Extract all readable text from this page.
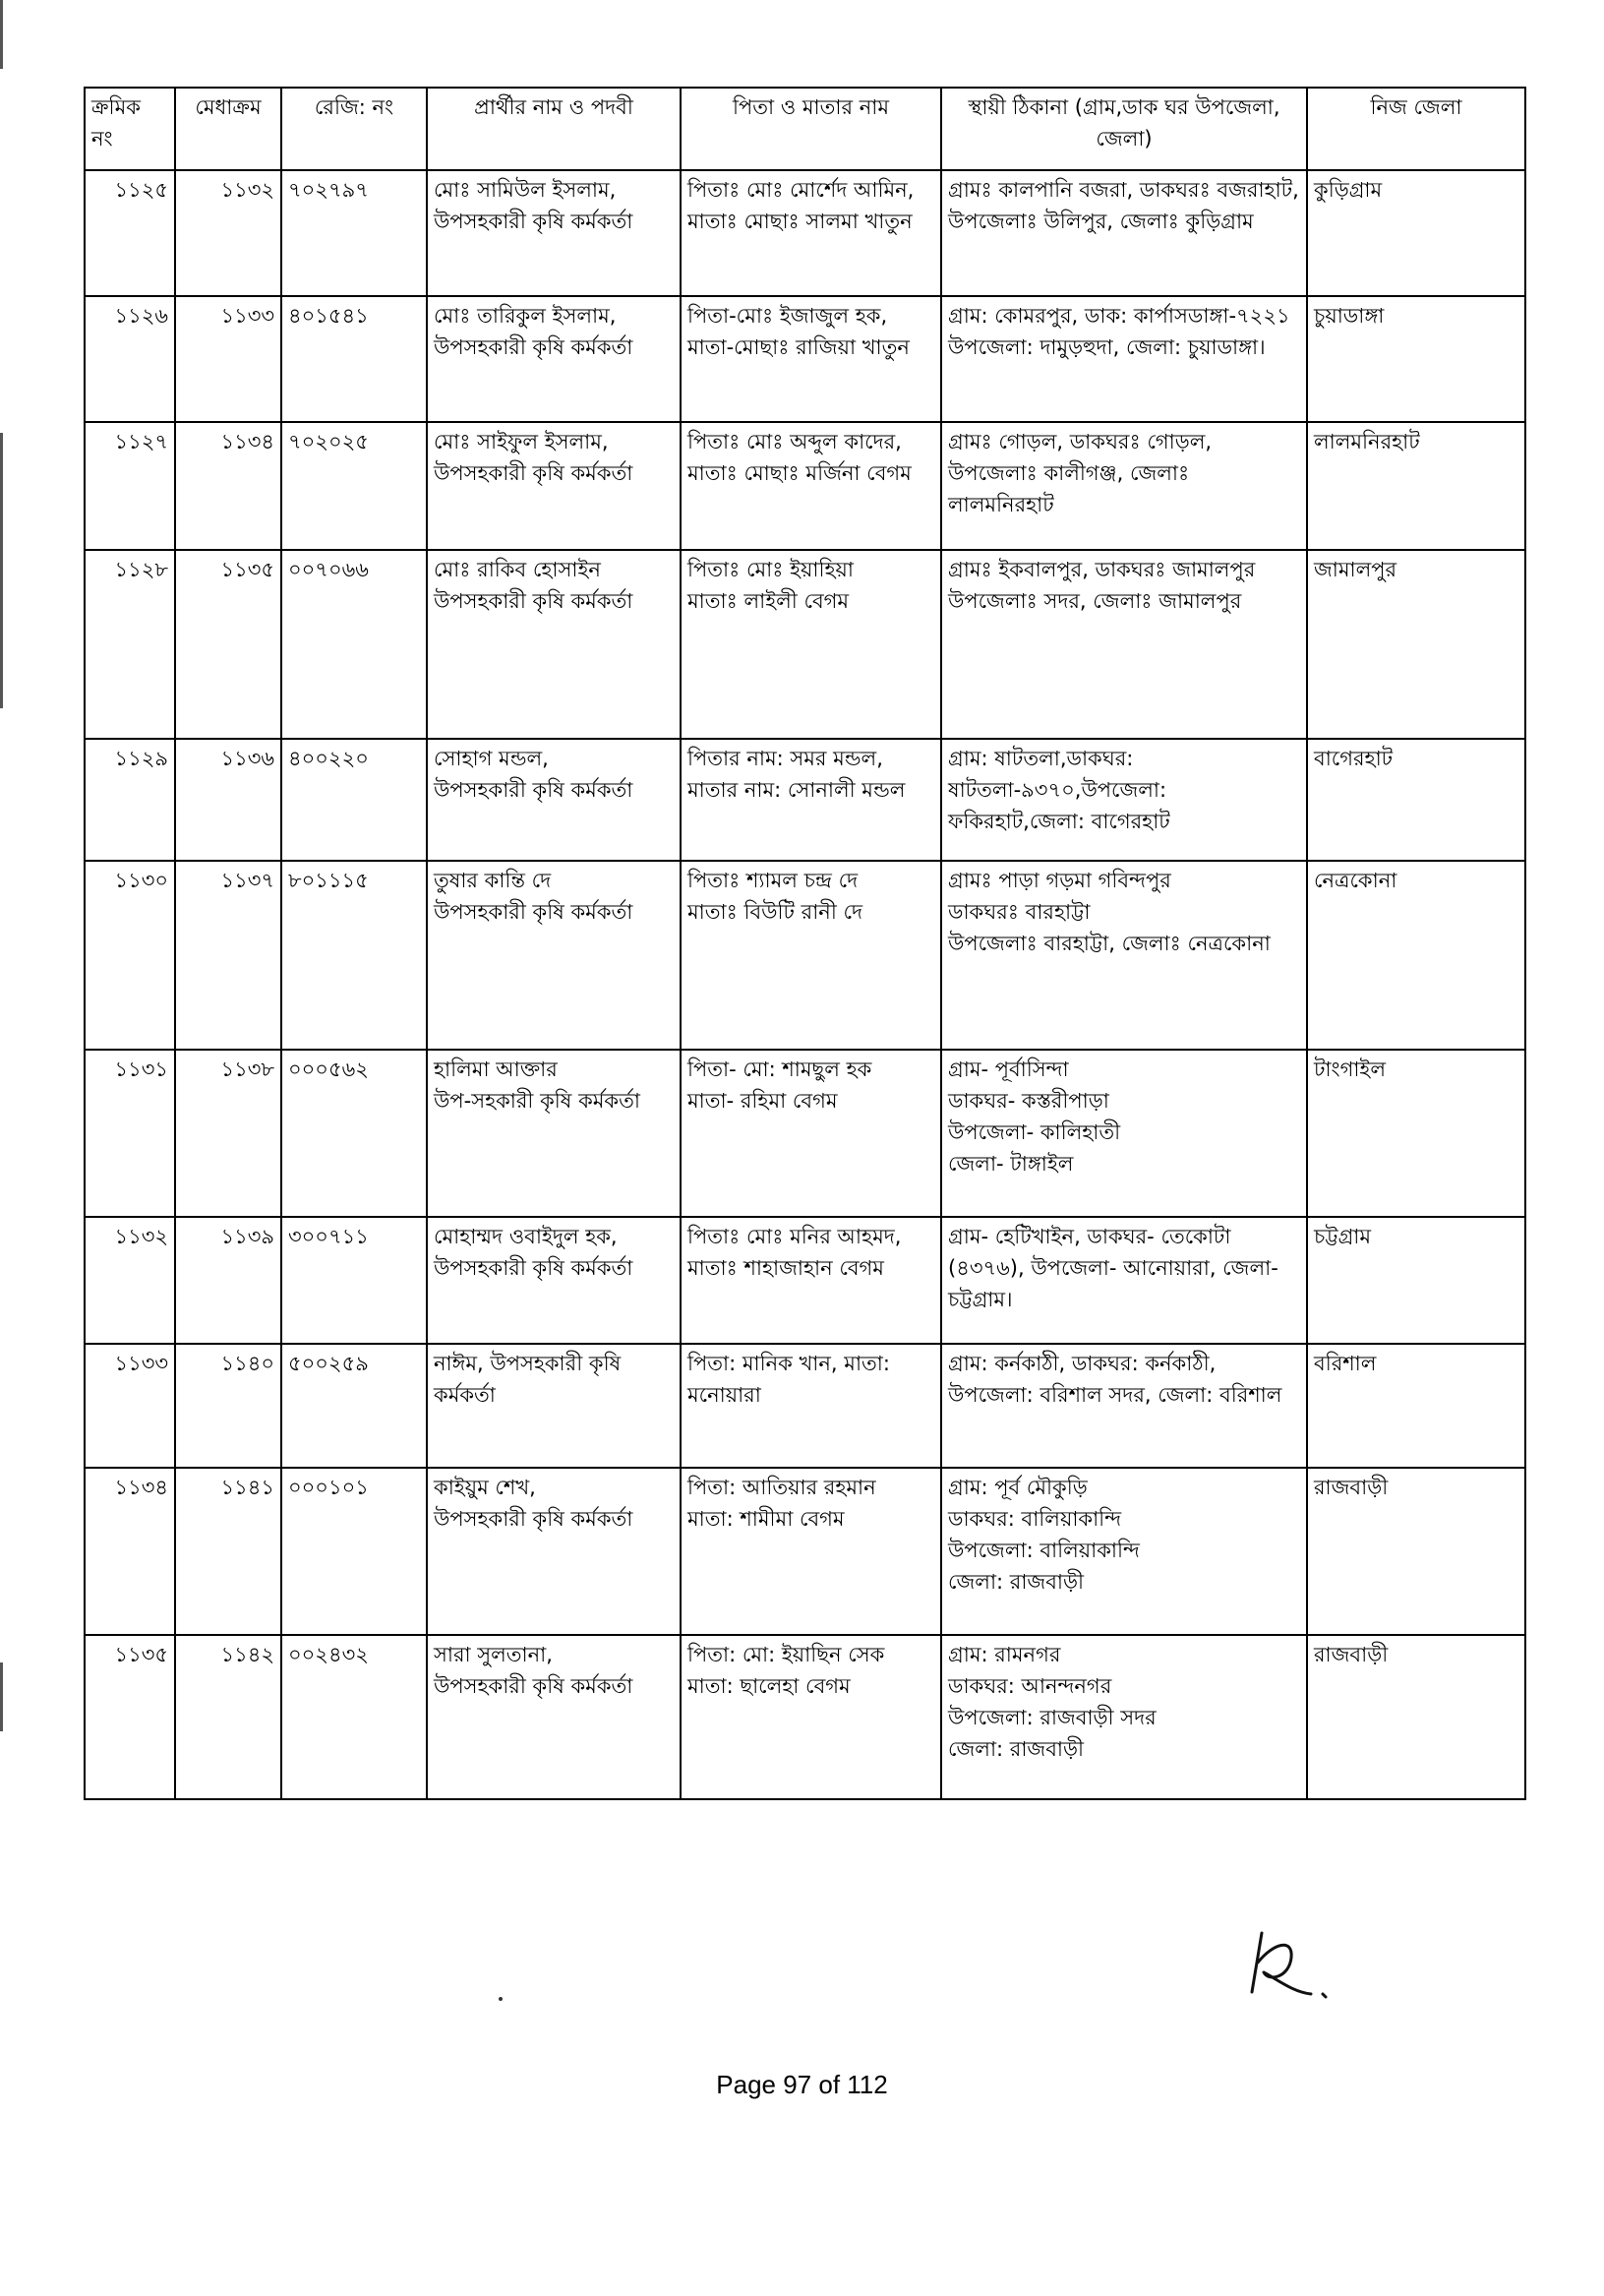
ক্রমিক নং	মেধাক্রম	রেজি: নং	প্রার্থীর নাম ও পদবী	পিতা ও মাতার নাম	স্থায়ী ঠিকানা (গ্রাম,ডাক ঘর উপজেলা, জেলা)	নিজ জেলা
১১২৫	১১৩২	৭০২৭৯৭	মোঃ সামিউল ইসলাম,
উপসহকারী কৃষি কর্মকর্তা	পিতাঃ মোঃ মোর্শেদ আমিন, মাতাঃ মোছাঃ সালমা খাতুন	গ্রামঃ কালপানি বজরা, ডাকঘরঃ বজরাহাট, উপজেলাঃ উলিপুর, জেলাঃ কুড়িগ্রাম	কুড়িগ্রাম
১১২৬	১১৩৩	৪০১৫৪১	মোঃ তারিকুল ইসলাম,
উপসহকারী কৃষি কর্মকর্তা	পিতা-মোঃ ইজাজুল হক,
মাতা-মোছাঃ রাজিয়া খাতুন	গ্রাম: কোমরপুর, ডাক: কার্পাসডাঙ্গা-৭২২১ উপজেলা: দামুড়হুদা, জেলা: চুয়াডাঙ্গা।	চুয়াডাঙ্গা
১১২৭	১১৩৪	৭০২০২৫	মোঃ সাইফুল ইসলাম,
উপসহকারী কৃষি কর্মকর্তা	পিতাঃ মোঃ অব্দুল কাদের, মাতাঃ মোছাঃ মর্জিনা বেগম	গ্রামঃ গোড়ল, ডাকঘরঃ গোড়ল,
উপজেলাঃ কালীগঞ্জ, জেলাঃ
লালমনিরহাট	লালমনিরহাট
১১২৮	১১৩৫	০০৭০৬৬	মোঃ রাকিব হোসাইন
উপসহকারী কৃষি কর্মকর্তা	পিতাঃ মোঃ ইয়াহিয়া
মাতাঃ লাইলী বেগম	গ্রামঃ ইকবালপুর, ডাকঘরঃ জামালপুর
উপজেলাঃ সদর, জেলাঃ জামালপুর	জামালপুর
১১২৯	১১৩৬	৪০০২২০	সোহাগ মন্ডল,
উপসহকারী কৃষি কর্মকর্তা	পিতার নাম: সমর মন্ডল,
মাতার নাম: সোনালী মন্ডল	গ্রাম: ষাটতলা,ডাকঘর: ষাটতলা-৯৩৭০,উপজেলা: ফকিরহাট,জেলা: বাগেরহাট	বাগেরহাট
১১৩০	১১৩৭	৮০১১১৫	তুষার কান্তি দে
উপসহকারী কৃষি কর্মকর্তা	পিতাঃ শ্যামল চন্দ্র দে
মাতাঃ বিউটি রানী দে	গ্রামঃ পাড়া গড়মা গবিন্দপুর
ডাকঘরঃ বারহাট্টা
উপজেলাঃ বারহাট্টা, জেলাঃ নেত্রকোনা	নেত্রকোনা
১১৩১	১১৩৮	০০০৫৬২	হালিমা আক্তার
উপ-সহকারী কৃষি কর্মকর্তা	পিতা- মো: শামছুল হক
মাতা- রহিমা বেগম	গ্রাম- পূর্বাসিন্দা
ডাকঘর- কস্তরীপাড়া
উপজেলা- কালিহাতী
জেলা- টাঙ্গাইল	টাংগাইল
১১৩২	১১৩৯	৩০০৭১১	মোহাম্মদ ওবাইদুল হক,
উপসহকারী কৃষি কর্মকর্তা	পিতাঃ মোঃ মনির আহমদ, মাতাঃ শাহাজাহান বেগম	গ্রাম- হেটিখাইন, ডাকঘর- তেকোটা (৪৩৭৬), উপজেলা- আনোয়ারা, জেলা- চট্টগ্রাম।	চট্টগ্রাম
১১৩৩	১১৪০	৫০০২৫৯	নাঈম, উপসহকারী কৃষি কর্মকর্তা	পিতা: মানিক খান, মাতা: মনোয়ারা	গ্রাম: কর্নকাঠী, ডাকঘর: কর্নকাঠী, উপজেলা: বরিশাল সদর, জেলা: বরিশাল	বরিশাল
১১৩৪	১১৪১	০০০১০১	কাইয়ুম শেখ,
উপসহকারী কৃষি কর্মকর্তা	পিতা: আতিয়ার রহমান
মাতা: শামীমা বেগম	গ্রাম: পূর্ব মৌকুড়ি
ডাকঘর: বালিয়াকান্দি
উপজেলা: বালিয়াকান্দি
জেলা: রাজবাড়ী	রাজবাড়ী
১১৩৫	১১৪২	০০২৪৩২	সারা সুলতানা,
উপসহকারী কৃষি কর্মকর্তা	পিতা: মো: ইয়াছিন সেক
মাতা: ছালেহা বেগম	গ্রাম: রামনগর
ডাকঘর: আনন্দনগর
উপজেলা: রাজবাড়ী সদর
জেলা: রাজবাড়ী	রাজবাড়ী
Page 97 of 112
